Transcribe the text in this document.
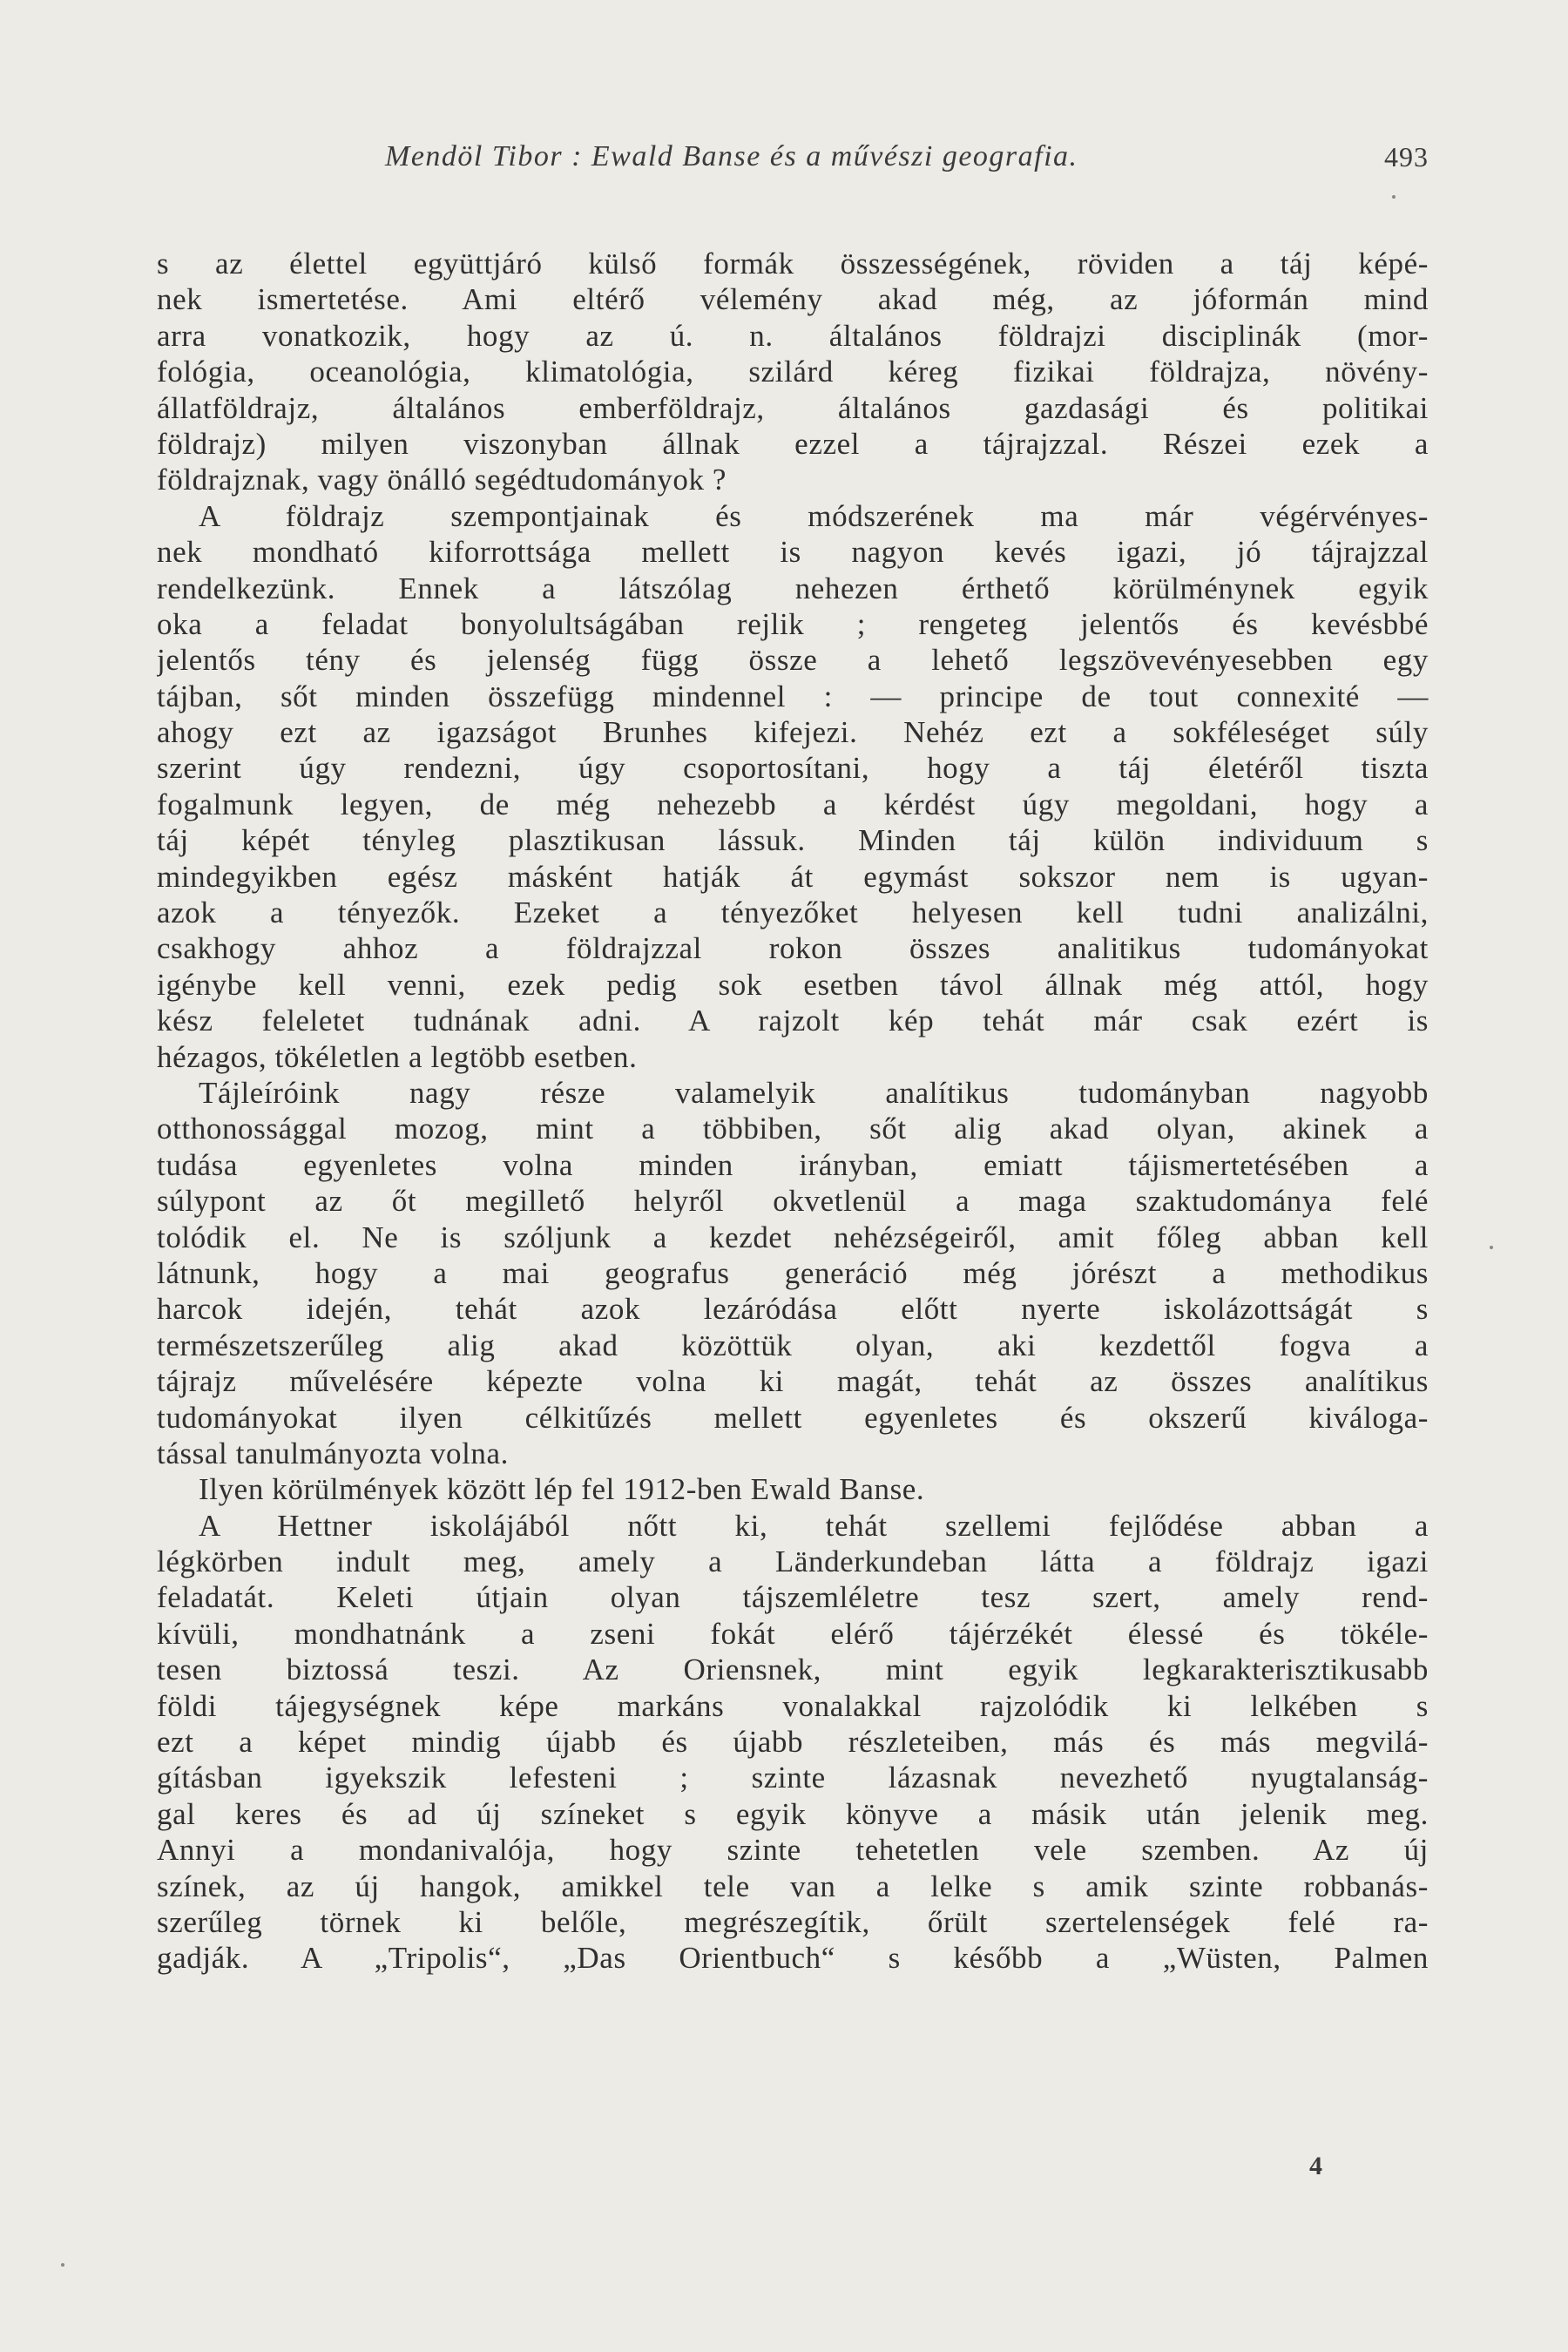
Mendöl Tibor : Ewald Banse és a művészi geografia.	493
s az élettel együttjáró külső formák összességének, röviden a táj képé-
nek ismertetése. Ami eltérő vélemény akad még, az jóformán mind
arra vonatkozik, hogy az ú. n. általános földrajzi disciplinák (mor-
fológia, oceanológia, klimatológia, szilárd kéreg fizikai földrajza, növény-
állatföldrajz, általános emberföldrajz, általános gazdasági és politikai
földrajz) milyen viszonyban állnak ezzel a tájrajzzal. Részei ezek a
földrajznak, vagy önálló segédtudományok ?
A földrajz szempontjainak és módszerének ma már végérvényes-
nek mondható kiforrottsága mellett is nagyon kevés igazi, jó tájrajzzal
rendelkezünk. Ennek a látszólag nehezen érthető körülménynek egyik
oka a feladat bonyolultságában rejlik ; rengeteg jelentős és kevésbbé
jelentős tény és jelenség függ össze a lehető legszövevényesebben egy
tájban, sőt minden összefügg mindennel : — principe de tout connexité —
ahogy ezt az igazságot Brunhes kifejezi. Nehéz ezt a sokféleséget súly
szerint úgy rendezni, úgy csoportosítani, hogy a táj életéről tiszta
fogalmunk legyen, de még nehezebb a kérdést úgy megoldani, hogy a
táj képét tényleg plasztikusan lássuk. Minden táj külön individuum s
mindegyikben egész másként hatják át egymást sokszor nem is ugyan-
azok a tényezők. Ezeket a tényezőket helyesen kell tudni analizálni,
csakhogy ahhoz a földrajzzal rokon összes analitikus tudományokat
igénybe kell venni, ezek pedig sok esetben távol állnak még attól, hogy
kész feleletet tudnának adni. A rajzolt kép tehát már csak ezért is
hézagos, tökéletlen a legtöbb esetben.
Tájleíróink nagy része valamelyik analítikus tudományban nagyobb
otthonossággal mozog, mint a többiben, sőt alig akad olyan, akinek a
tudása egyenletes volna minden irányban, emiatt tájismertetésében a
súlypont az őt megillető helyről okvetlenül a maga szaktudománya felé
tolódik el. Ne is szóljunk a kezdet nehézségeiről, amit főleg abban kell
látnunk, hogy a mai geografus generáció még jórészt a methodikus
harcok idején, tehát azok lezáródása előtt nyerte iskolázottságát s
természetszerűleg alig akad közöttük olyan, aki kezdettől fogva a
tájrajz művelésére képezte volna ki magát, tehát az összes analítikus
tudományokat ilyen célkitűzés mellett egyenletes és okszerű kiváloga-
tással tanulmányozta volna.
Ilyen körülmények között lép fel 1912-ben Ewald Banse.
A Hettner iskolájából nőtt ki, tehát szellemi fejlődése abban a
légkörben indult meg, amely a Länderkundeban látta a földrajz igazi
feladatát. Keleti útjain olyan tájszemléletre tesz szert, amely rend-
kívüli, mondhatnánk a zseni fokát elérő tájérzékét élessé és tökéle-
tesen biztossá teszi. Az Oriensnek, mint egyik legkarakterisztikusabb
földi tájegységnek képe markáns vonalakkal rajzolódik ki lelkében s
ezt a képet mindig újabb és újabb részleteiben, más és más megvilá-
gításban igyekszik lefesteni ; szinte lázasnak nevezhető nyugtalanság-
gal keres és ad új színeket s egyik könyve a másik után jelenik meg.
Annyi a mondanivalója, hogy szinte tehetetlen vele szemben. Az új
színek, az új hangok, amikkel tele van a lelke s amik szinte robbanás-
szerűleg törnek ki belőle, megrészegítik, őrült szertelenségek felé ra-
gadják. A „Tripolis“, „Das Orientbuch“ s később a „Wüsten, Palmen
4
